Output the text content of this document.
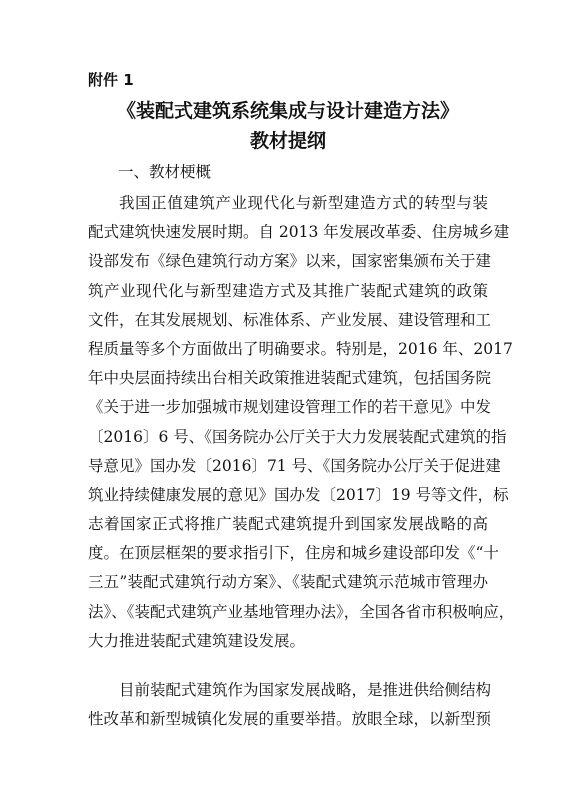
附件 1
《装配式建筑系统集成与设计建造方法》
教材提纲
一、教材梗概
我国正值建筑产业现代化与新型建造方式的转型与装
配式建筑快速发展时期。自 2013 年发展改革委、住房城乡建
设部发布《绿色建筑行动方案》以来，国家密集颁布关于建
筑产业现代化与新型建造方式及其推广装配式建筑的政策
文件，在其发展规划、标准体系、产业发展、建设管理和工
程质量等多个方面做出了明确要求。特别是，2016 年、2017
年中央层面持续出台相关政策推进装配式建筑，包括国务院
《关于进一步加强城市规划建设管理工作的若干意见》中发
〔2016〕6 号、《国务院办公厅关于大力发展装配式建筑的指
导意见》国办发〔2016〕71 号、《国务院办公厅关于促进建
筑业持续健康发展的意见》国办发〔2017〕19 号等文件，标
志着国家正式将推广装配式建筑提升到国家发展战略的高
度。在顶层框架的要求指引下，住房和城乡建设部印发《“十
三五”装配式建筑行动方案》、《装配式建筑示范城市管理办
法》、《装配式建筑产业基地管理办法》，全国各省市积极响应，
大力推进装配式建筑建设发展。
目前装配式建筑作为国家发展战略，是推进供给侧结构
性改革和新型城镇化发展的重要举措。放眼全球，以新型预
